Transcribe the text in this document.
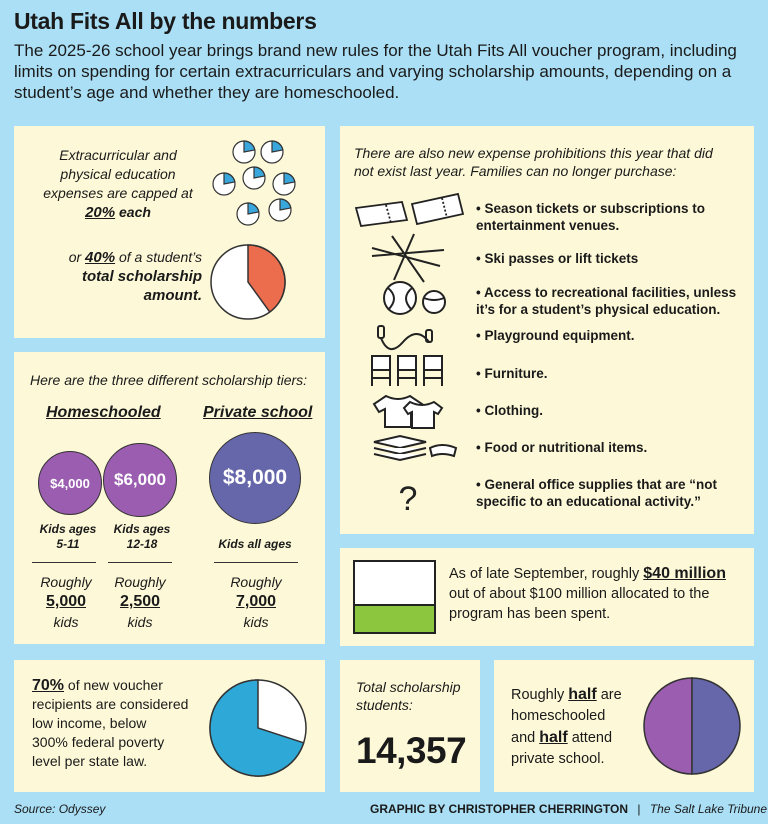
Utah Fits All by the numbers
The 2025-26 school year brings brand new rules for the Utah Fits All voucher program, including limits on spending for certain extracurriculars and varying scholarship amounts, depending on a student’s age and whether they are homeschooled.
Extracurricular and
physical education
expenses are capped at
20% each
or 40% of a student’s
total scholarship
amount.
There are also new expense prohibitions this year that did
not exist last year. Families can no longer purchase:
?
• Season tickets or subscriptions to
entertainment venues.
• Ski passes or lift tickets
• Access to recreational facilities, unless
it’s for a student’s physical education.
• Playground equipment.
• Furniture.
• Clothing.
• Food or nutritional items.
• General office supplies that are “not
specific to an educational activity.”
Here are the three different scholarship tiers:
Homeschooled	Private school
$4,000 $6,000	$8,000
Kids ages
5-11
Kids ages
12-18	Kids all ages
Roughly
5,000
kids
Roughly
2,500
kids
Roughly
7,000
kids
As of late September, roughly $40 million
out of about $100 million allocated to the
program has been spent.
70% of new voucher
recipients are considered
low income, below
300% federal poverty
level per state law.
Total scholarship
students:
14,357
Roughly half are
homeschooled
and half attend
private school.
Source: Odyssey	GRAPHIC BY CHRISTOPHER CHERRINGTON | The Salt Lake Tribune
